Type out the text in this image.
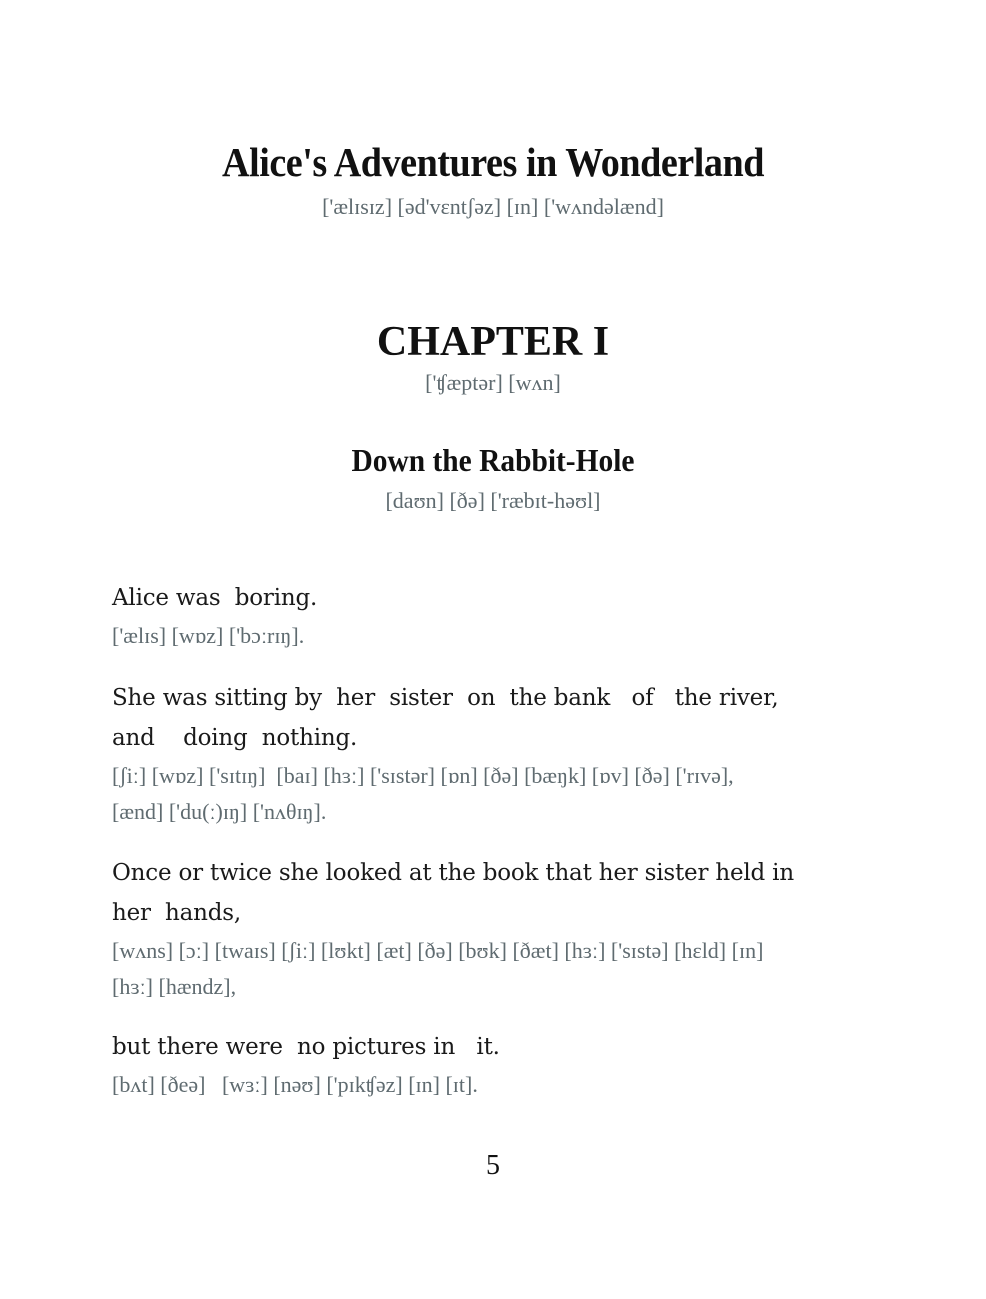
Alice's Adventures in Wonderland
['ælɪsɪz] [əd'vɛntʃəz] [ɪn] ['wʌndəlænd]
CHAPTER I
['ʧæptər] [wʌn]
Down the Rabbit-Hole
[daʊn] [ðə] ['ræbɪt-həʊl]
Alice was  boring.
['ælɪs] [wɒz] ['bɔːrɪŋ].
She was sitting by  her  sister  on  the bank   of   the river,
and    doing  nothing.
[ʃiː] [wɒz] ['sɪtɪŋ]  [baɪ] [hɜː] ['sɪstər] [ɒn] [ðə] [bæŋk] [ɒv] [ðə] ['rɪvə],
[ænd] ['du(ː)ɪŋ] ['nʌθɪŋ].
Once or twice she looked at the book that her sister held in
her  hands,
[wʌns] [ɔː] [twaɪs] [ʃiː] [lʊkt] [æt] [ðə] [bʊk] [ðæt] [hɜː] ['sɪstə] [hɛld] [ɪn]
[hɜː] [hændz],
but there were  no pictures in   it.
[bʌt] [ðeə]   [wɜː] [nəʊ] ['pɪkʧəz] [ɪn] [ɪt].
5
